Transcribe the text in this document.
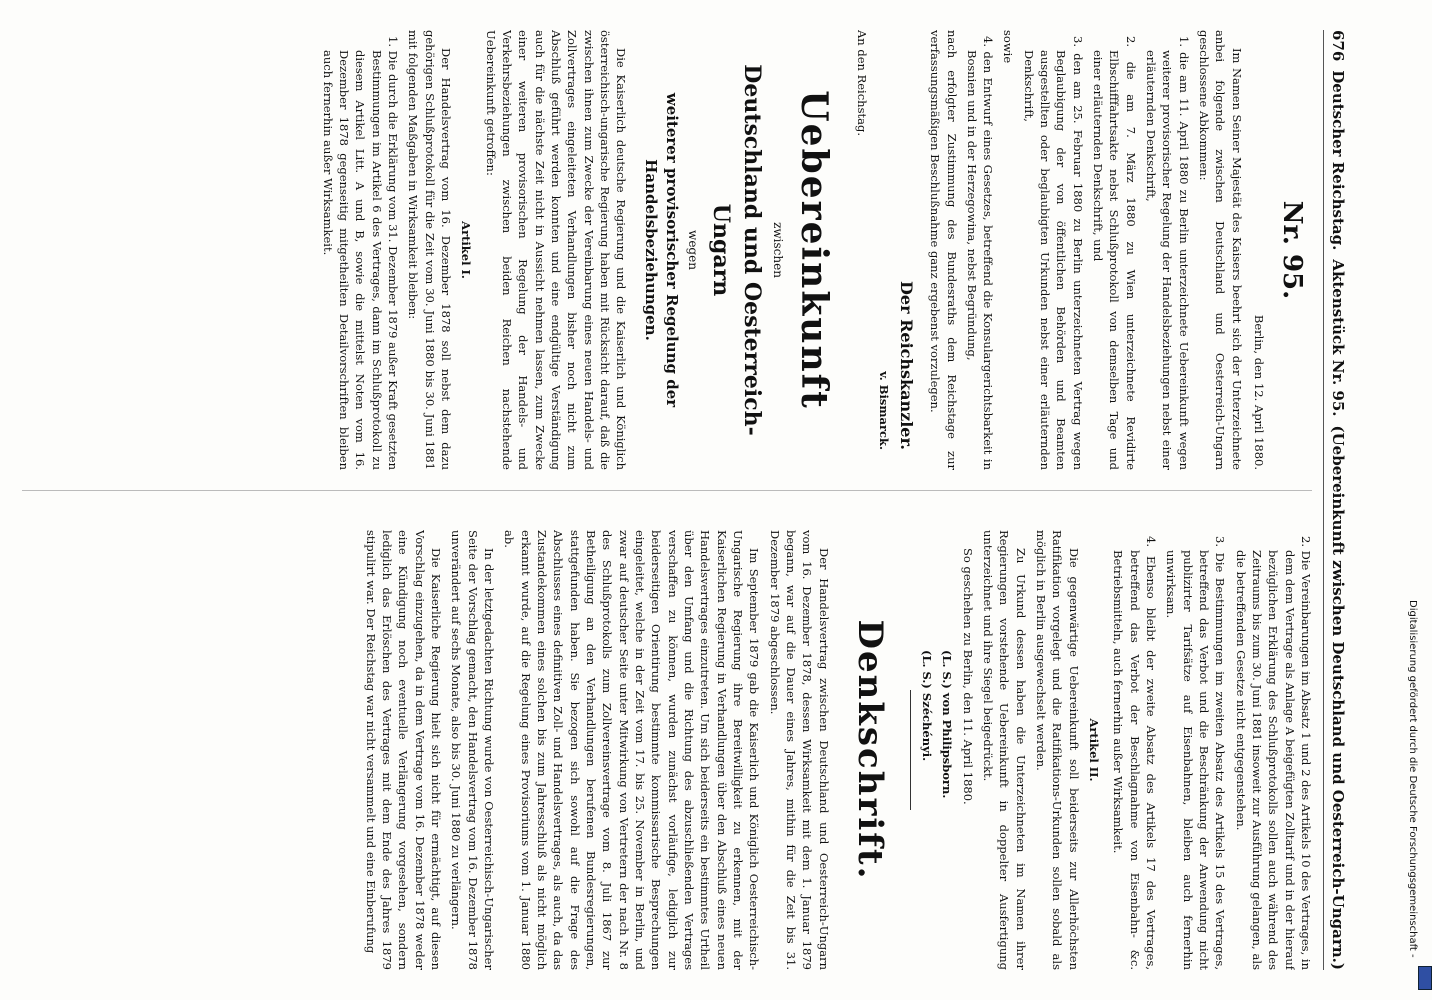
676
Deutscher Reichstag.
Aktenstück Nr. 95.
(Uebereinkunft zwischen Deutschland und Oesterreich-Ungarn.)
Nr. 95.
Berlin, den 12. April 1880.

Im Namen Seiner Majestät des Kaisers beehrt sich der Unterzeichnete anbei folgende zwischen Deutschland und Oesterreich-Ungarn geschlossene Abkommen:

1. die am 11. April 1880 zu Berlin unterzeichnete Uebereinkunft wegen weiterer provisorischer Regelung der Handelsbeziehungen nebst einer erläuternden Denkschrift,

2. die am 7. März 1880 zu Wien unterzeichnete Revidirte Elbschifffahrtsakte nebst Schlußprotokoll von demselben Tage und einer erläuternden Denkschrift, und

3. den am 25. Februar 1880 zu Berlin unterzeichneten Vertrag wegen Beglaubigung der von öffentlichen Behörden und Beamten ausgestellten oder beglaubigten Urkunden nebst einer erläuternden Denkschrift,

sowie

4. den Entwurf eines Gesetzes, betreffend die Konsulargerichtsbarkeit in Bosnien und in der Herzegowina, nebst Begründung,

nach erfolgter Zustimmung des Bundesraths dem Reichstage zur verfassungsmäßigen Beschlußnahme ganz ergebenst vorzulegen.

Der Reichskanzler.
v. Bismarck.
An den Reichstag.
Uebereinkunft
zwischen
Deutschland und Oesterreich-Ungarn
wegen
weiterer provisorischer Regelung der Handelsbeziehungen.

Die Kaiserlich deutsche Regierung und die Kaiserlich und Königlich österreichisch-ungarische Regierung haben mit Rücksicht darauf, daß die zwischen ihnen zum Zwecke der Vereinbarung eines neuen Handels- und Zollvertrages eingeleiteten Verhandlungen bisher noch nicht zum Abschluß geführt werden konnten und eine endgültige Verständigung auch für die nächste Zeit nicht in Aussicht nehmen lassen, zum Zwecke einer weiteren provisorischen Regelung der Handels- und Verkehrsbeziehungen zwischen beiden Reichen nachstehende Uebereinkunft getroffen:

Artikel I.

Der Handelsvertrag vom 16. Dezember 1878 soll nebst dem dazu gehörigen Schlußprotokoll für die Zeit vom 30. Juni 1880 bis 30. Juni 1881 mit folgenden Maßgaben in Wirksamkeit bleiben:

1. Die durch die Erklärung vom 31. Dezember 1879 außer Kraft gesetzten Bestimmungen im Artikel 6 des Vertrages, dann im Schlußprotokoll zu diesem Artikel Litt. A und B, sowie die mittelst Noten vom 16. Dezember 1878 gegenseitig mitgetheilten Detailvorschriften bleiben auch fernerhin außer Wirksamkeit.

2. Die Vereinbarungen im Absatz 1 und 2 des Artikels 10 des Vertrages, in dem dem Vertrage als Anlage A beigefügten Zolltarif und in der hierauf bezüglichen Erklärung des Schlußprotokolls sollen auch während des Zeitraums bis zum 30. Juni 1881 insoweit zur Ausführung gelangen, als die betreffenden Gesetze nicht entgegenstehen.

3. Die Bestimmungen im zweiten Absatz des Artikels 15 des Vertrages, betreffend das Verbot und die Beschränkung der Anwendung nicht publizirter Tarifsätze auf Eisenbahnen, bleiben auch fernerhin unwirksam.

4. Ebenso bleibt der zweite Absatz des Artikels 17 des Vertrages, betreffend das Verbot der Beschlagnahme von Eisenbahn- &c. Betriebsmitteln, auch fernerhin außer Wirksamkeit.

Artikel II.

Die gegenwärtige Uebereinkunft soll beiderseits zur Allerhöchsten Ratifikation vorgelegt und die Ratifikations-Urkunden sollen sobald als möglich in Berlin ausgewechselt werden.

Zu Urkund dessen haben die Unterzeichneten im Namen ihrer Regierungen vorstehende Uebereinkunft in doppelter Ausfertigung unterzeichnet und ihre Siegel beigedrückt.

So geschehen zu Berlin, den 11. April 1880.

(L. S.) von Philipsborn.
(L. S.) Széchényi.
Denkschrift.

Der Handelsvertrag zwischen Deutschland und Oesterreich-Ungarn vom 16. Dezember 1878, dessen Wirksamkeit mit dem 1. Januar 1879 begann, war auf die Dauer eines Jahres, mithin für die Zeit bis 31. Dezember 1879 abgeschlossen.

Im September 1879 gab die Kaiserlich und Königlich Oesterreichisch-Ungarische Regierung ihre Bereitwilligkeit zu erkennen, mit der Kaiserlichen Regierung in Verhandlungen über den Abschluß eines neuen Handelsvertrages einzutreten. Um sich beiderseits ein bestimmtes Urtheil über den Umfang und die Richtung des abzuschließenden Vertrages verschaffen zu können, wurden zunächst vorläufige, lediglich zur beiderseitigen Orientirung bestimmte kommissarische Besprechungen eingeleitet, welche in der Zeit vom 17. bis 25. November in Berlin, und zwar auf deutscher Seite unter Mitwirkung von Vertretern der nach Nr. 8 des Schlußprotokolls zum Zollvereinsvertrage vom 8. Juli 1867 zur Betheiligung an den Verhandlungen berufenen Bundesregierungen, stattgefunden haben. Sie bezogen sich sowohl auf die Frage des Abschlusses eines definitiven Zoll- und Handelsvertrages, als auch, da das Zustandekommen eines solchen bis zum Jahresschluß als nicht möglich erkannt wurde, auf die Regelung eines Provisoriums vom 1. Januar 1880 ab.

In der letztgedachten Richtung wurde von Oesterreichisch-Ungarischer Seite der Vorschlag gemacht, den Handelsvertrag vom 16. Dezember 1878 unverändert auf sechs Monate, also bis 30. Juni 1880 zu verlängern.

Die Kaiserliche Regierung hielt sich nicht für ermächtigt, auf diesen Vorschlag einzugehen, da in dem Vertrage vom 16. Dezember 1878 weder eine Kündigung noch eventuelle Verlängerung vorgesehen, sondern lediglich das Erlöschen des Vertrages mit dem Ende des Jahres 1879 stipulirt war. Der Reichstag war nicht versammelt und eine Einberufung	Digitalisierung gefördert durch die Deutsche Forschungsgemeinschaft -
